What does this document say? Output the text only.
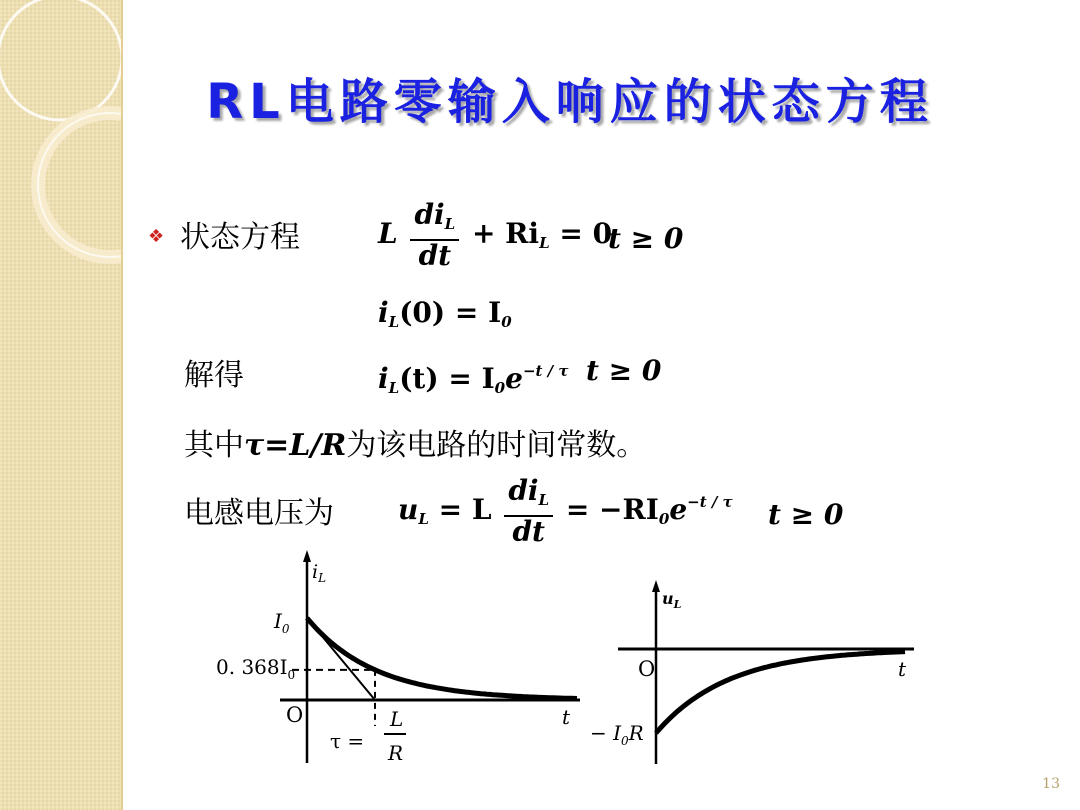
RL电路零输入响应的状态方程
❖ 状态方程	L $\frac{di_L}{dt} + Ri_L = 0$
t ≥ 0
$i_L(0) = I_0$
解得	$i_L(t) = I_0e^{-t / \tau}$ t ≥ 0
其中τ=L/R为该电路的时间常数。
电感电压为 $u_L = L \frac{di_L}{dt} = -RI_0e^{-t / \tau}$ t ≥ 0
$i_L$
$I_0$
0. $368I_0$
O	t
τ =
L
R
$u_L$
O	t
− $I_0R$
13
